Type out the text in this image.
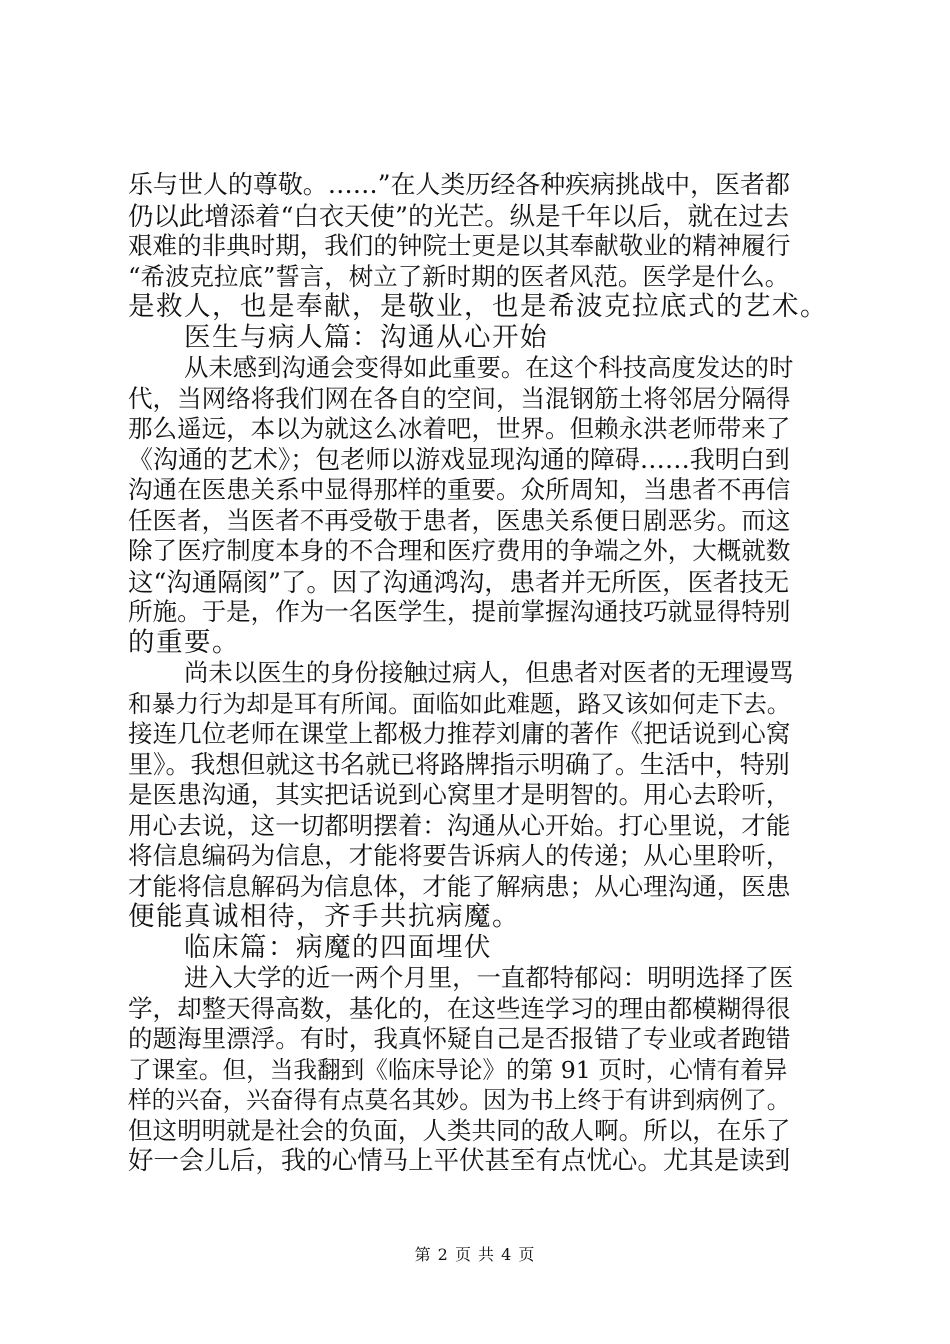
乐与世人的尊敬。……”在人类历经各种疾病挑战中，医者都
仍以此增添着“白衣天使”的光芒。纵是千年以后，就在过去
艰难的非典时期，我们的钟院士更是以其奉献敬业的精神履行
“希波克拉底”誓言，树立了新时期的医者风范。医学是什么。
是救人，也是奉献，是敬业，也是希波克拉底式的艺术。
医生与病人篇：沟通从心开始
从未感到沟通会变得如此重要。在这个科技高度发达的时
代，当网络将我们网在各自的空间，当混钢筋土将邻居分隔得
那么遥远，本以为就这么冰着吧，世界。但赖永洪老师带来了
《沟通的艺术》；包老师以游戏显现沟通的障碍……我明白到
沟通在医患关系中显得那样的重要。众所周知，当患者不再信
任医者，当医者不再受敬于患者，医患关系便日剧恶劣。而这
除了医疗制度本身的不合理和医疗费用的争端之外，大概就数
这“沟通隔阂”了。因了沟通鸿沟，患者并无所医，医者技无
所施。于是，作为一名医学生，提前掌握沟通技巧就显得特别
的重要。
尚未以医生的身份接触过病人，但患者对医者的无理谩骂
和暴力行为却是耳有所闻。面临如此难题，路又该如何走下去。
接连几位老师在课堂上都极力推荐刘庸的著作《把话说到心窝
里》。我想但就这书名就已将路牌指示明确了。生活中，特别
是医患沟通，其实把话说到心窝里才是明智的。用心去聆听，
用心去说，这一切都明摆着：沟通从心开始。打心里说，才能
将信息编码为信息，才能将要告诉病人的传递；从心里聆听，
才能将信息解码为信息体，才能了解病患；从心理沟通，医患
便能真诚相待，齐手共抗病魔。
临床篇：病魔的四面埋伏
进入大学的近一两个月里，一直都特郁闷：明明选择了医
学，却整天得高数，基化的，在这些连学习的理由都模糊得很
的题海里漂浮。有时，我真怀疑自己是否报错了专业或者跑错
了课室。但，当我翻到《临床导论》的第 91 页时，心情有着异
样的兴奋，兴奋得有点莫名其妙。因为书上终于有讲到病例了。
但这明明就是社会的负面，人类共同的敌人啊。所以，在乐了
好一会儿后，我的心情马上平伏甚至有点忧心。尤其是读到
第 2 页 共 4 页
